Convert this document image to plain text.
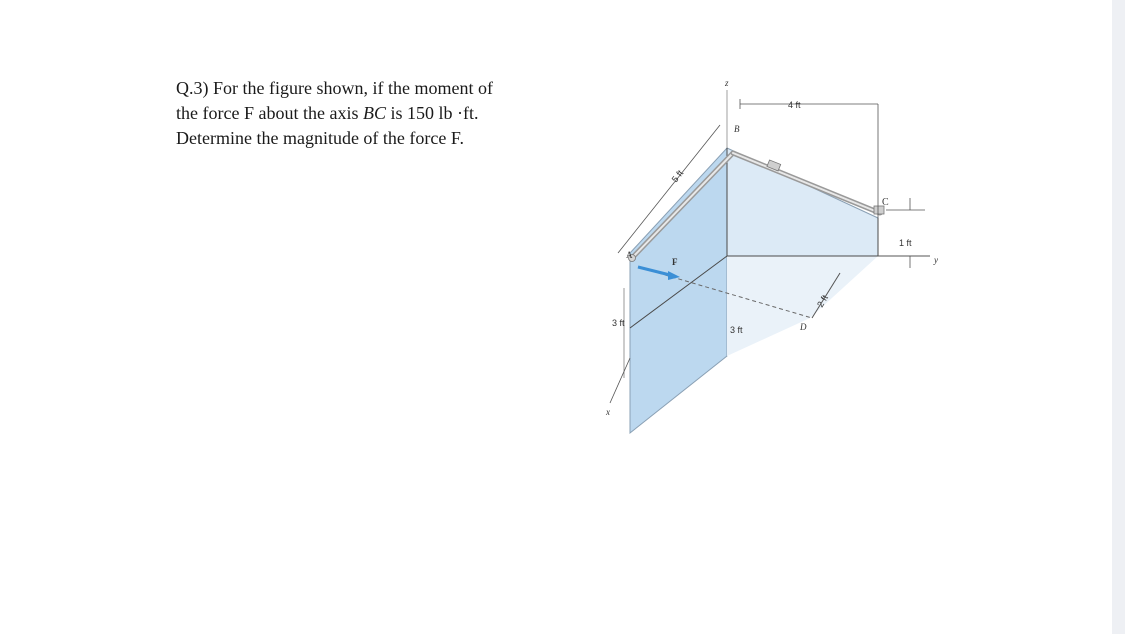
Q.3) For the figure shown, if the moment of
the force F about the axis BC is 150 lb ·ft.
Determine the magnitude of the force F.
z
x
y
B
A
C
D
F
4 ft
5 ft
1 ft
2 ft
3 ft
3 ft
